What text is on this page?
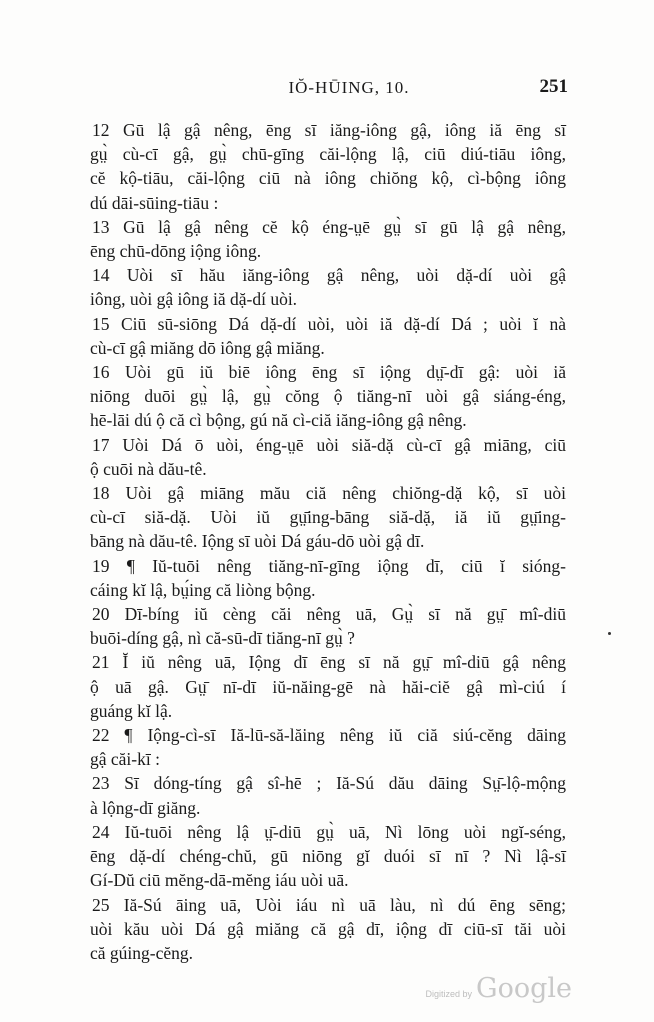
IŎ-HŪING, 10.	251

12 Gū lậ gậ nêng, ēng sī iăng-iông gậ, iông iă ēng sī
gṳ̀ cù-cī gậ, gṳ̀ chū-gīng căi-lộng lậ, ciū diú-tiāu iông,
cĕ kộ-tiāu, căi-lộng ciū nà iông chiŏng kộ, cì-bộng iông
dú dāi-sūing-tiāu :

13 Gū lậ gậ nêng cĕ kộ éng-ṳē gṳ̀ sī gū lậ gậ nêng,
ēng chū-dōng iộng iông.

14 Uòi sī hău iăng-iông gậ nêng, uòi dặ-dí uòi gậ
iông, uòi gậ iông iă dặ-dí uòi.

15 Ciū sū-siōng Dá dặ-dí uòi, uòi iă dặ-dí Dá ; uòi ĭ nà
cù-cī gậ miăng dō iông gậ miăng.

16 Uòi gū iŭ biē iông ēng sī iộng dṳ̄-dī gậ: uòi iă
niōng duōi gṳ̀ lậ, gṳ̀ cŏng ộ tiăng-nī uòi gậ siáng-éng,
hē-lāi dú ộ că cì bộng, gú nă cì-ciă iăng-iông gậ nêng.

17 Uòi Dá ō uòi, éng-ṳē uòi siă-dặ cù-cī gậ miāng, ciū
ộ cuōi nà dău-tê.

18 Uòi gậ miāng mău ciă nêng chiŏng-dặ kộ, sī uòi
cù-cī siă-dặ. Uòi iŭ gṳ̄ing-bāng siă-dặ, iă iŭ gṳ̄ing-
bāng nà dău-tê. Iộng sī uòi Dá gáu-dō uòi gậ dī.

19 ¶ Iŭ-tuōi nêng tiăng-nī-gīng iộng dī, ciū ĭ sióng-
cáing kĭ lậ, bṳ́ing că liòng bộng.

20 Dī-bíng iŭ cèng căi nêng uā, Gṳ̀ sī nă gṳ̄ mî-diū
buōi-díng gậ, nì că-sū-dī tiăng-nī gṳ̀ ?

21 Ĭ iŭ nêng uā, Iộng dī ēng sī nă gṳ̄ mî-diū gậ nêng
ộ uā gậ. Gṳ̄ nī-dī iŭ-năing-gē nà hăi-ciĕ gậ mì-ciú í
guáng kĭ lậ.

22 ¶ Iộng-cì-sī Iă-lū-să-lăing nêng iŭ ciă siú-cĕng dāing
gậ căi-kī :

23 Sī dóng-tíng gậ sî-hē ; Iă-Sú dău dāing Sṳ̄-lộ-mộng
à lộng-dī giăng.

24 Iŭ-tuōi nêng lậ ṳ̄-diū gṳ̀ uā, Nì lōng uòi ngĭ-séng,
ēng dặ-dí chéng-chŭ, gū niōng gĭ duói sī nī ? Nì lậ-sī
Gí-Dŭ ciū mĕng-dā-mĕng iáu uòi uā.

25 Iă-Sú āing uā, Uòi iáu nì uā làu, nì dú ēng sēng;
uòi kău uòi Dá gậ miăng că gậ dī, iộng dī ciū-sī tăi uòi
că gúing-cĕng.

Digitized by Google
